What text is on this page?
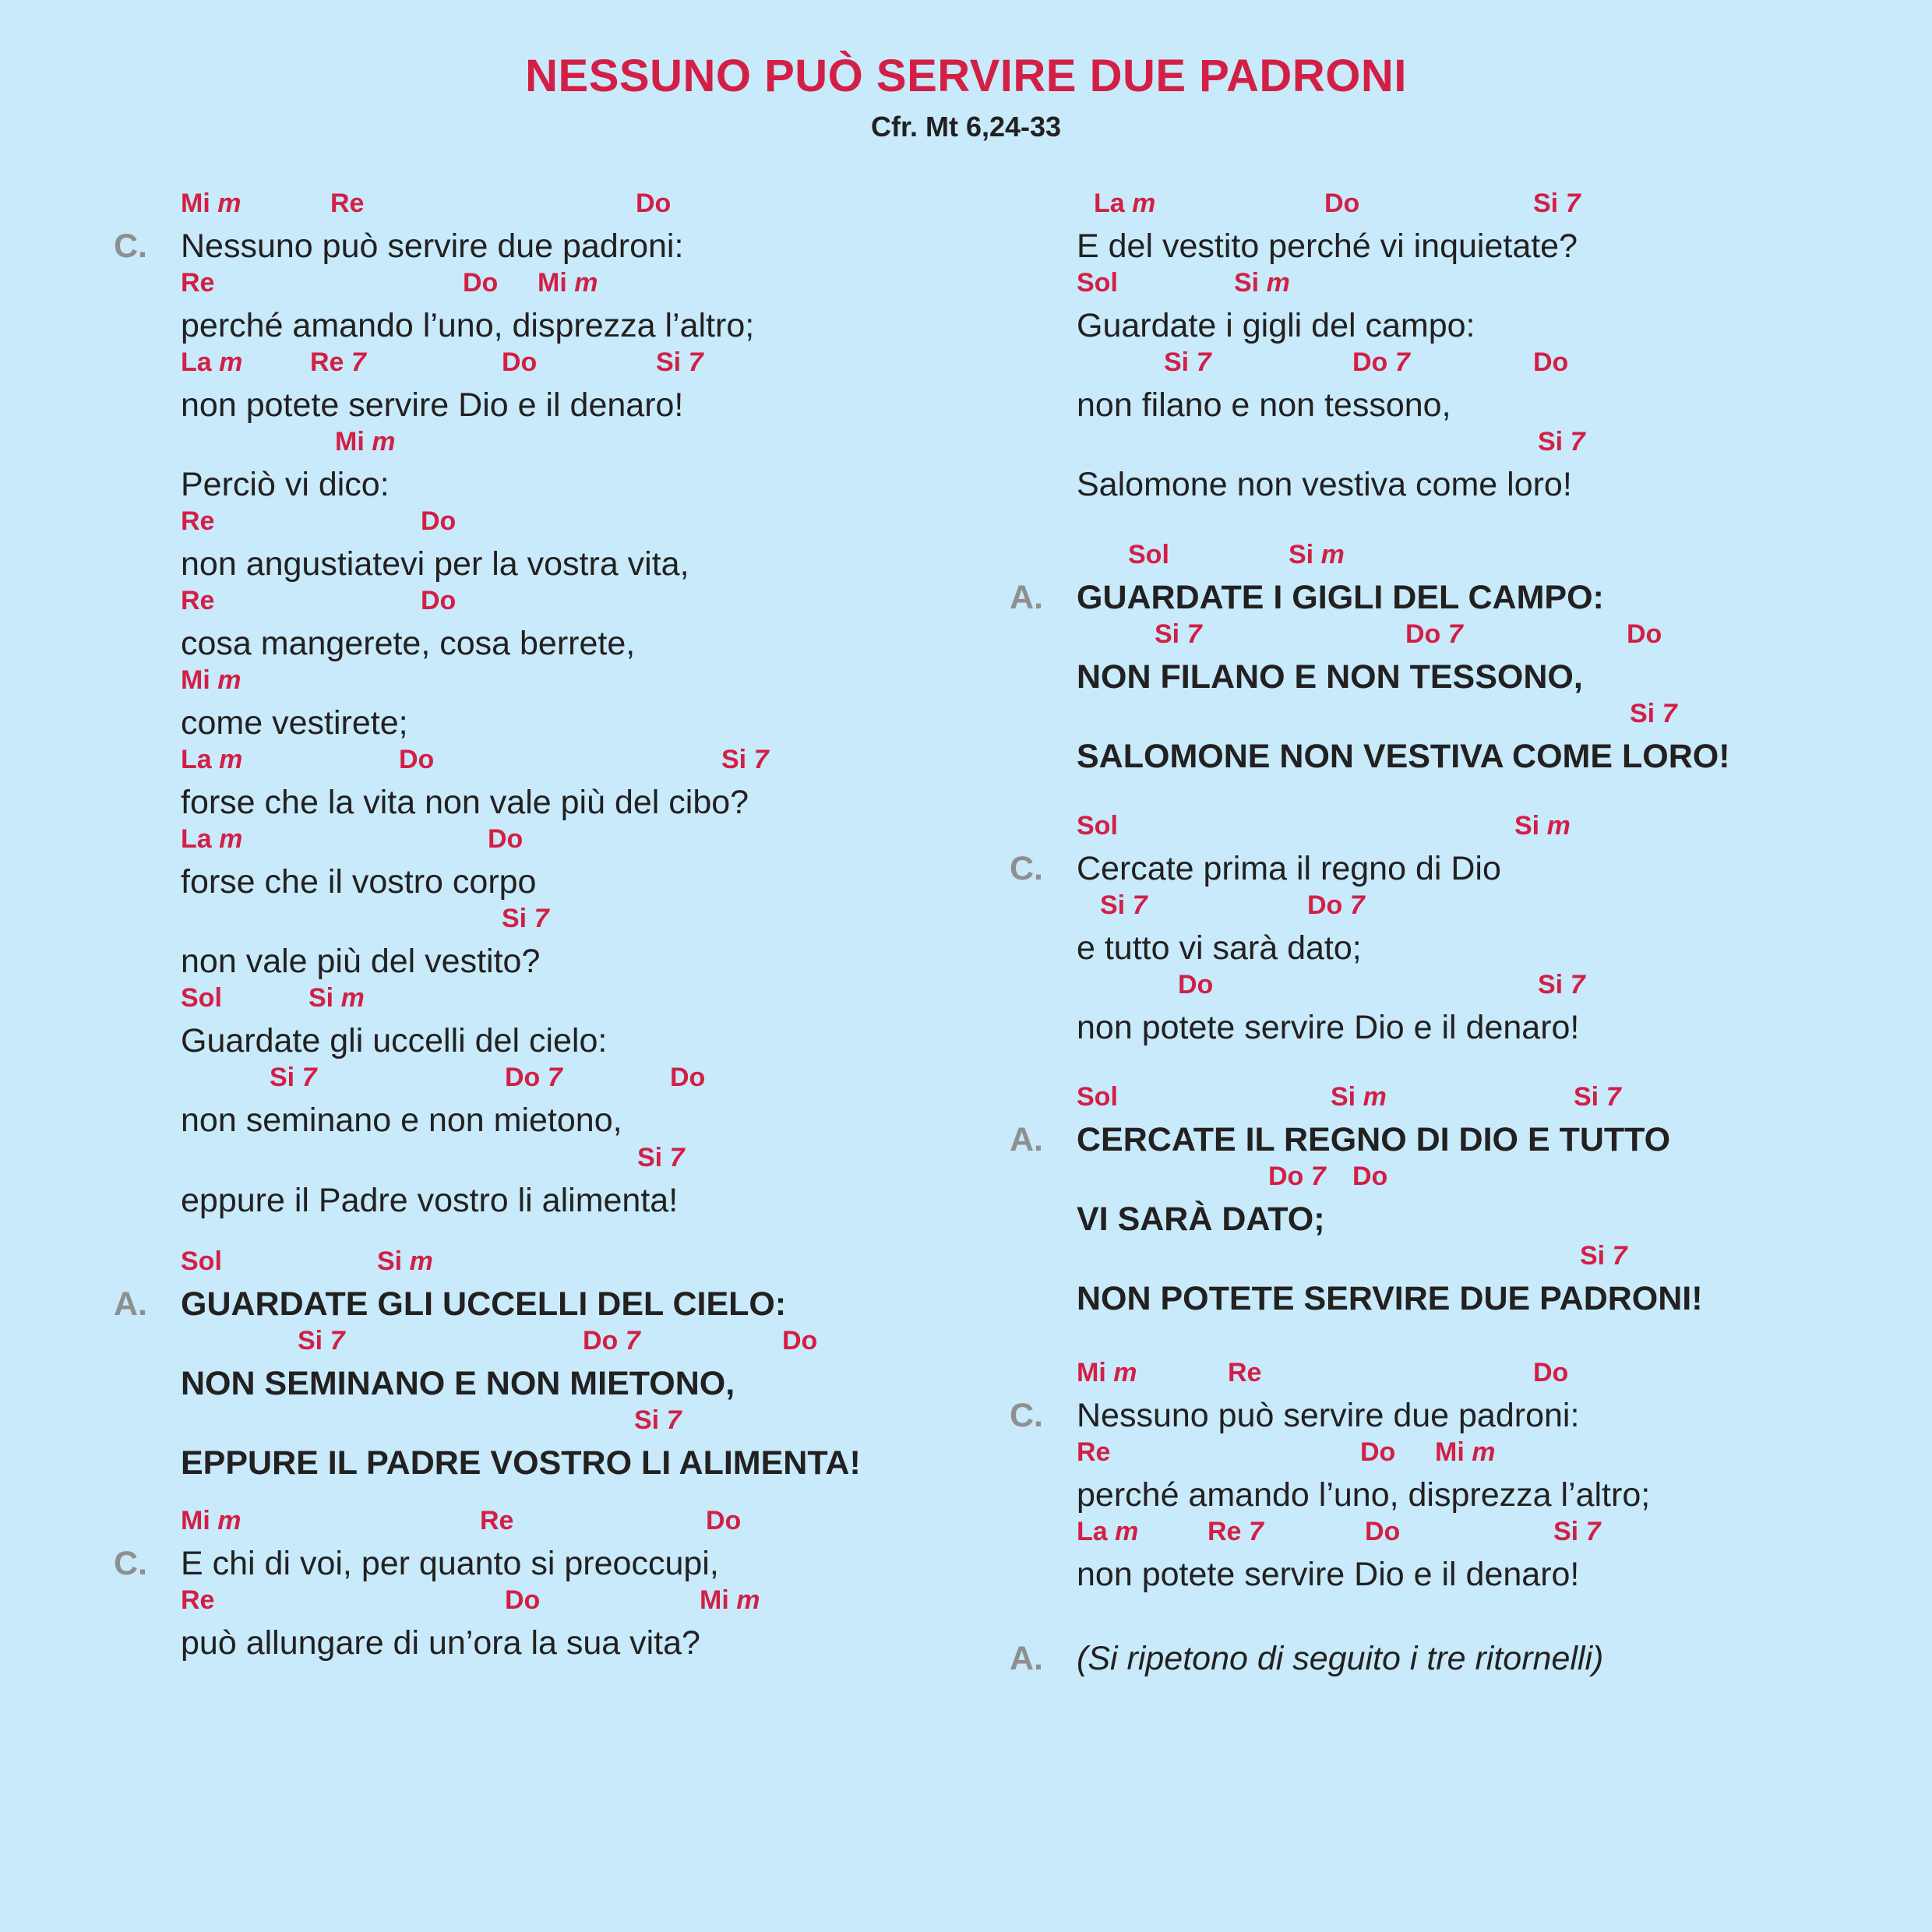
NESSUNO PUÒ SERVIRE DUE PADRONI
Cfr. Mt 6,24-33
C.
Mi m	Re	Do
Nessuno può servire due padroni:
Re	Do Mi m
perché amando l’uno, disprezza l’altro;
La m	Re 7	Do	Si 7
non potete servire Dio e il denaro!
Mi m
Perciò vi dico:
Re	Do
non angustiatevi per la vostra vita,
Re	Do
cosa mangerete, cosa berrete,
Mi m
come vestirete;
La m	Do	Si 7
forse che la vita non vale più del cibo?
La m	Do
forse che il vostro corpo
Si 7
non vale più del vestito?
Sol	Si m
Guardate gli uccelli del cielo:
Si 7	Do 7	Do
non seminano e non mietono,
Si 7
eppure il Padre vostro li alimenta!
A.
Sol	Si m
GUARDATE GLI UCCELLI DEL CIELO:
Si 7	Do 7	Do
NON SEMINANO E NON MIETONO,
Si 7
EPPURE IL PADRE VOSTRO LI ALIMENTA!
C.
Mi m	Re	Do
E chi di voi, per quanto si preoccupi,
Re	Do	Mi m
può allungare di un’ora la sua vita?
La m	Do	Si 7
E del vestito perché vi inquietate?
Sol	Si m
Guardate i gigli del campo:
Si 7	Do 7	Do
non filano e non tessono,
Si 7
Salomone non vestiva come loro!
A.
Sol	Si m
GUARDATE I GIGLI DEL CAMPO:
Si 7	Do 7	Do
NON FILANO E NON TESSONO,
Si 7
SALOMONE NON VESTIVA COME LORO!
C.
Sol	Si m
Cercate prima il regno di Dio
Si 7	Do 7
e tutto vi sarà dato;
Do	Si 7
non potete servire Dio e il denaro!
A.
Sol	Si m	Si 7
CERCATE IL REGNO DI DIO E TUTTO
Do 7 Do
VI SARÀ DATO;
Si 7
NON POTETE SERVIRE DUE PADRONI!
C.
Mi m	Re	Do
Nessuno può servire due padroni:
Re	Do Mi m
perché amando l’uno, disprezza l’altro;
La m	Re 7	Do	Si 7
non potete servire Dio e il denaro!
A. (Si ripetono di seguito i tre ritornelli)
